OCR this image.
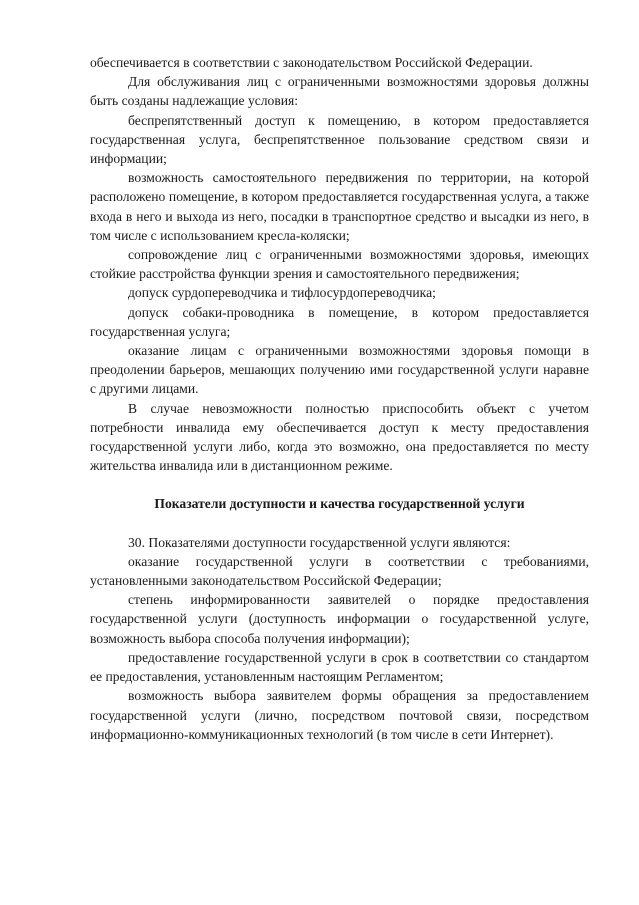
обеспечивается в соответствии с законодательством Российской Федерации.

Для обслуживания лиц с ограниченными возможностями здоровья должны быть созданы надлежащие условия:

беспрепятственный доступ к помещению, в котором предоставляется государственная услуга, беспрепятственное пользование средством связи и информации;

возможность самостоятельного передвижения по территории, на которой расположено помещение, в котором предоставляется государственная услуга, а также входа в него и выхода из него, посадки в транспортное средство и высадки из него, в том числе с использованием кресла-коляски;

сопровождение лиц с ограниченными возможностями здоровья, имеющих стойкие расстройства функции зрения и самостоятельного передвижения;

допуск сурдопереводчика и тифлосурдопереводчика;

допуск собаки-проводника в помещение, в котором предоставляется государственная услуга;

оказание лицам с ограниченными возможностями здоровья помощи в преодолении барьеров, мешающих получению ими государственной услуги наравне с другими лицами.

В случае невозможности полностью приспособить объект с учетом потребности инвалида ему обеспечивается доступ к месту предоставления государственной услуги либо, когда это возможно, она предоставляется по месту жительства инвалида или в дистанционном режиме.

Показатели доступности и качества государственной услуги

30. Показателями доступности государственной услуги являются:

оказание государственной услуги в соответствии с требованиями, установленными законодательством Российской Федерации;

степень информированности заявителей о порядке предоставления государственной услуги (доступность информации о государственной услуге, возможность выбора способа получения информации);

предоставление государственной услуги в срок в соответствии со стандартом ее предоставления, установленным настоящим Регламентом;

возможность выбора заявителем формы обращения за предоставлением государственной услуги (лично, посредством почтовой связи, посредством информационно-коммуникационных технологий (в том числе в сети Интернет).
